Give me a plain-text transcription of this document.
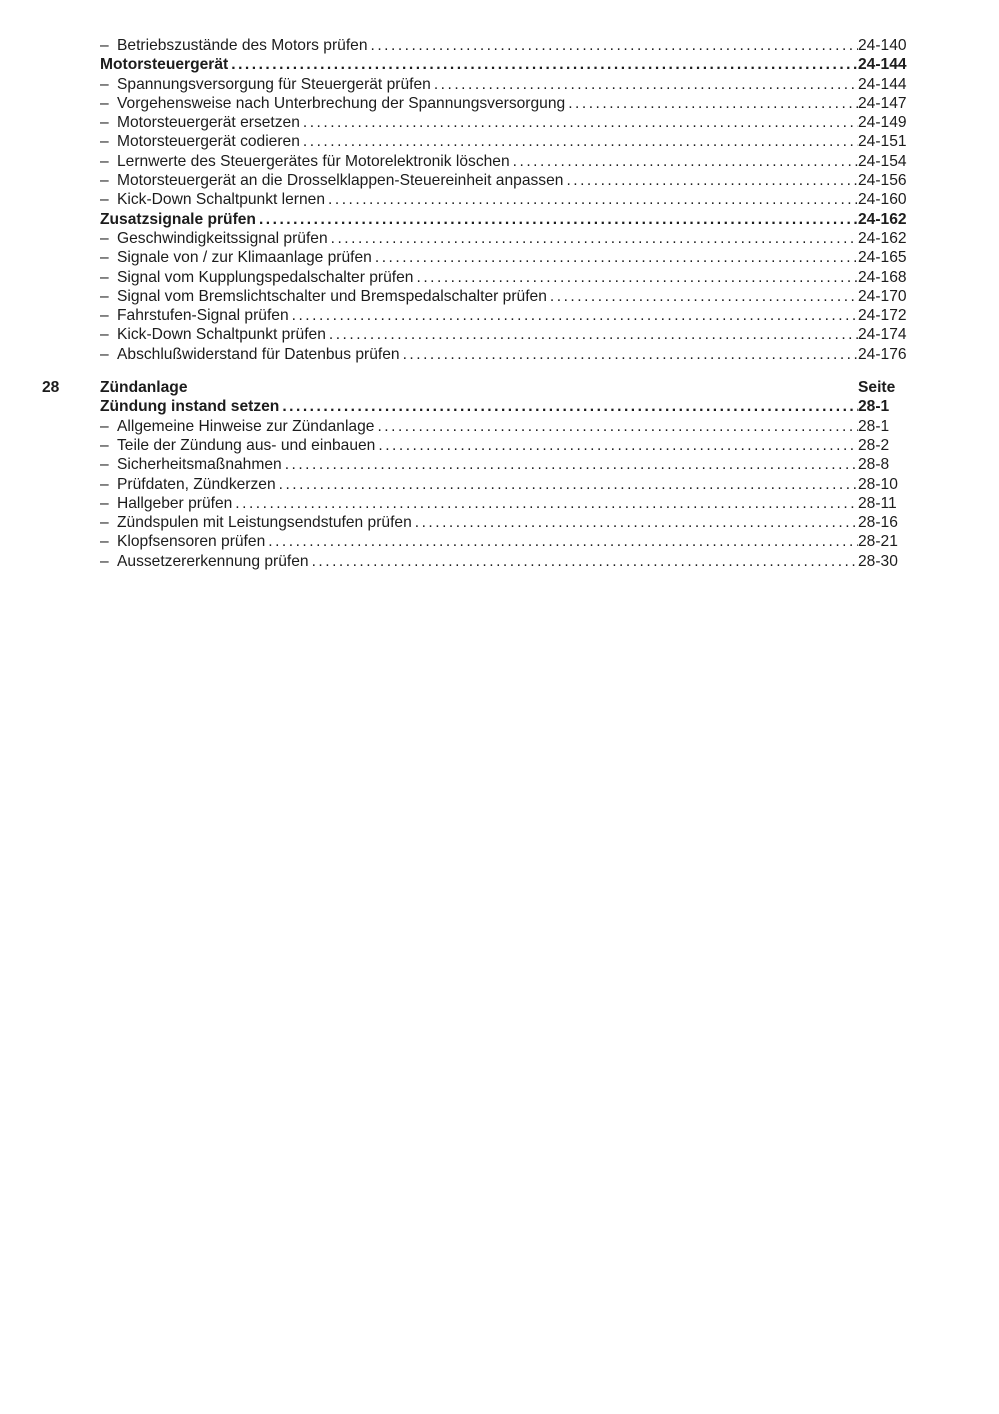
– Betriebszustände des Motors prüfen .....	24-140
Motorsteuergerät .....	24-144
– Spannungsversorgung für Steuergerät prüfen .....	24-144
– Vorgehensweise nach Unterbrechung der Spannungsversorgung .....	24-147
– Motorsteuergerät ersetzen .....	24-149
– Motorsteuergerät codieren .....	24-151
– Lernwerte des Steuergerätes für Motorelektronik löschen .....	24-154
– Motorsteuergerät an die Drosselklappen-Steuereinheit anpassen .....	24-156
– Kick-Down Schaltpunkt lernen .....	24-160
Zusatzsignale prüfen .....	24-162
– Geschwindigkeitssignal prüfen .....	24-162
– Signale von / zur Klimaanlage prüfen .....	24-165
– Signal vom Kupplungspedalschalter prüfen .....	24-168
– Signal vom Bremslichtschalter und Bremspedalschalter prüfen .....	24-170
– Fahrstufen-Signal prüfen .....	24-172
– Kick-Down Schaltpunkt prüfen .....	24-174
– Abschlußwiderstand für Datenbus prüfen .....	24-176
28	Zündanlage	Seite
Zündung instand setzen .....	28-1
– Allgemeine Hinweise zur Zündanlage .....	28-1
– Teile der Zündung aus- und einbauen .....	28-2
– Sicherheitsmaßnahmen .....	28-8
– Prüfdaten, Zündkerzen .....	28-10
– Hallgeber prüfen .....	28-11
– Zündspulen mit Leistungsendstufen prüfen .....	28-16
– Klopfsensoren prüfen .....	28-21
– Aussetzererkennung prüfen .....	28-30
